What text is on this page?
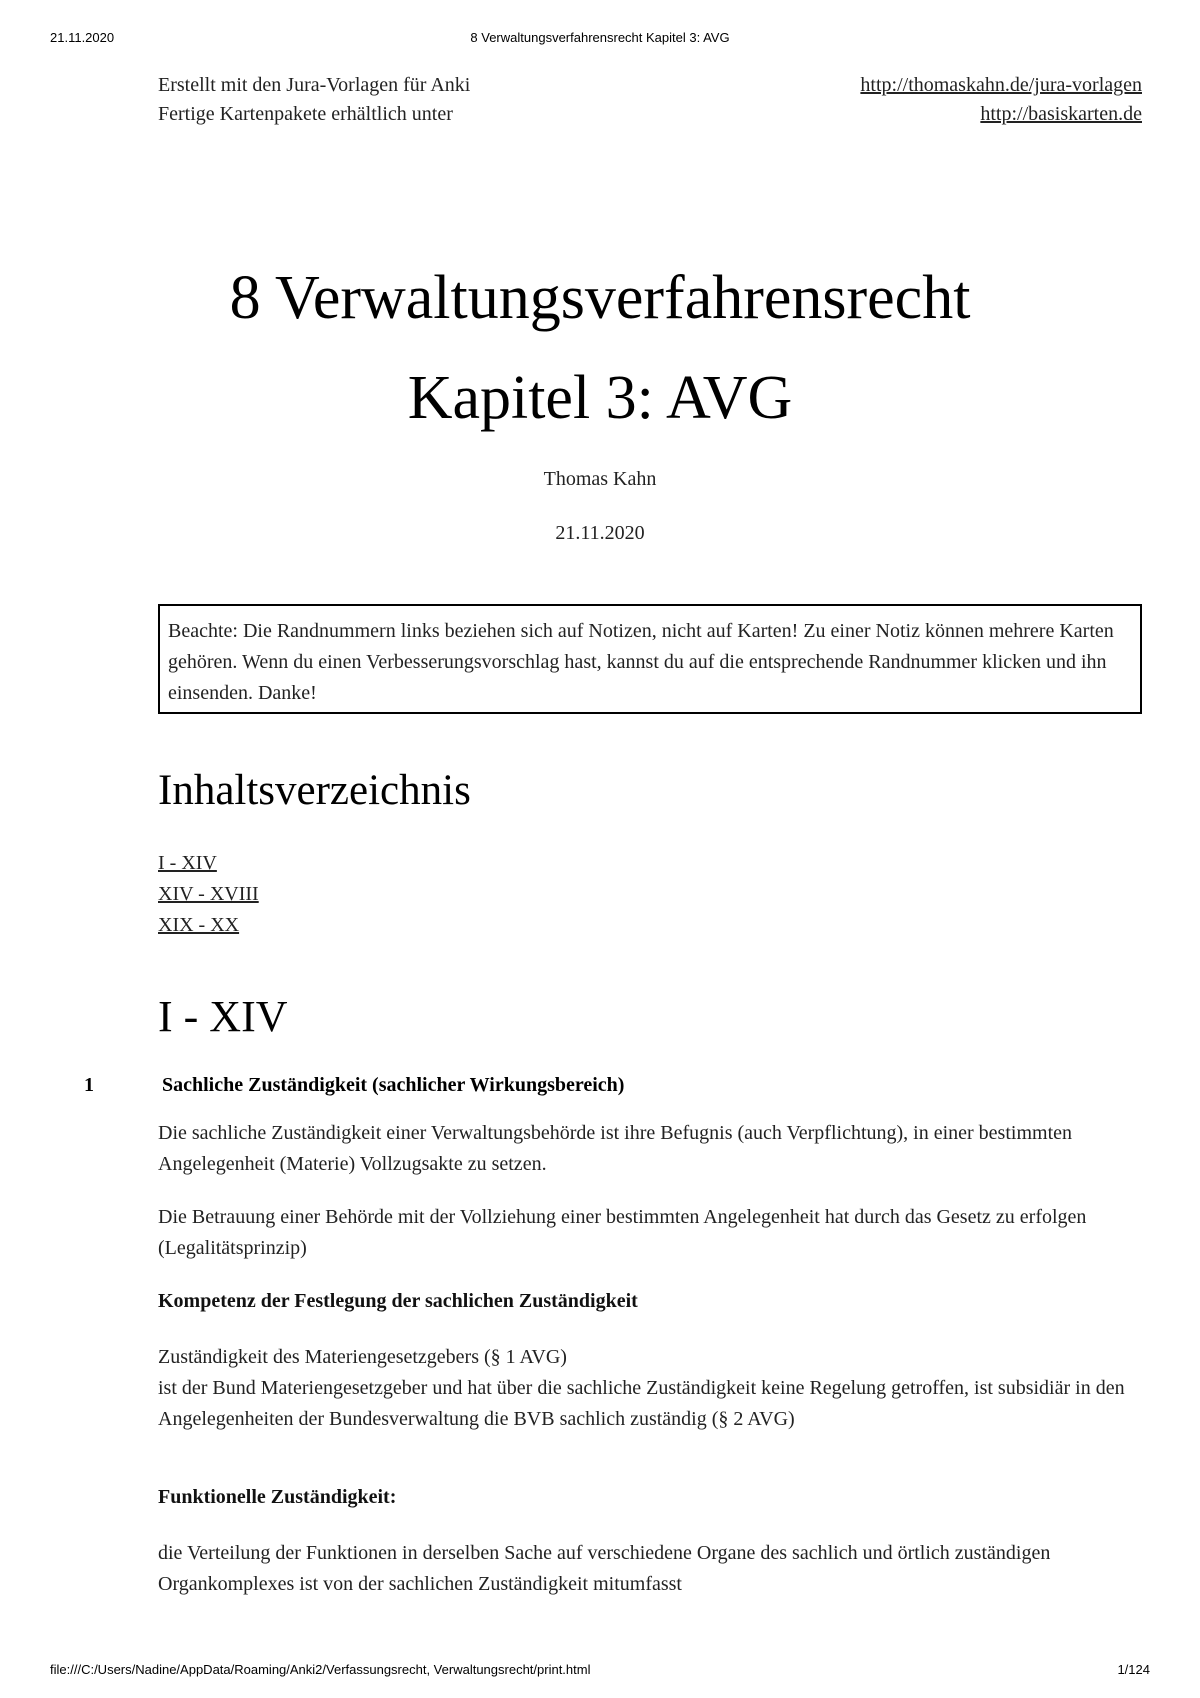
21.11.2020	8 Verwaltungsverfahrensrecht Kapitel 3: AVG
Erstellt mit den Jura-Vorlagen für Anki	http://thomaskahn.de/jura-vorlagen
Fertige Kartenpakete erhältlich unter	http://basiskarten.de
8 Verwaltungsverfahrensrecht
Kapitel 3: AVG
Thomas Kahn
21.11.2020
Beachte: Die Randnummern links beziehen sich auf Notizen, nicht auf Karten! Zu einer Notiz können mehrere Karten gehören. Wenn du einen Verbesserungsvorschlag hast, kannst du auf die entsprechende Randnummer klicken und ihn einsenden. Danke!
Inhaltsverzeichnis
I - XIV
XIV - XVIII
XIX - XX
I - XIV
1	Sachliche Zuständigkeit (sachlicher Wirkungsbereich)
Die sachliche Zuständigkeit einer Verwaltungsbehörde ist ihre Befugnis (auch Verpflichtung), in einer bestimmten Angelegenheit (Materie) Vollzugsakte zu setzen.
Die Betrauung einer Behörde mit der Vollziehung einer bestimmten Angelegenheit hat durch das Gesetz zu erfolgen (Legalitätsprinzip)
Kompetenz der Festlegung der sachlichen Zuständigkeit
Zuständigkeit des Materiengesetzgebers (§ 1 AVG)
ist der Bund Materiengesetzgeber und hat über die sachliche Zuständigkeit keine Regelung getroffen, ist subsidiär in den Angelegenheiten der Bundesverwaltung die BVB sachlich zuständig (§ 2 AVG)
Funktionelle Zuständigkeit:
die Verteilung der Funktionen in derselben Sache auf verschiedene Organe des sachlich und örtlich zuständigen Organkomplexes ist von der sachlichen Zuständigkeit mitumfasst
file:///C:/Users/Nadine/AppData/Roaming/Anki2/Verfassungsrecht, Verwaltungsrecht/print.html	1/124
